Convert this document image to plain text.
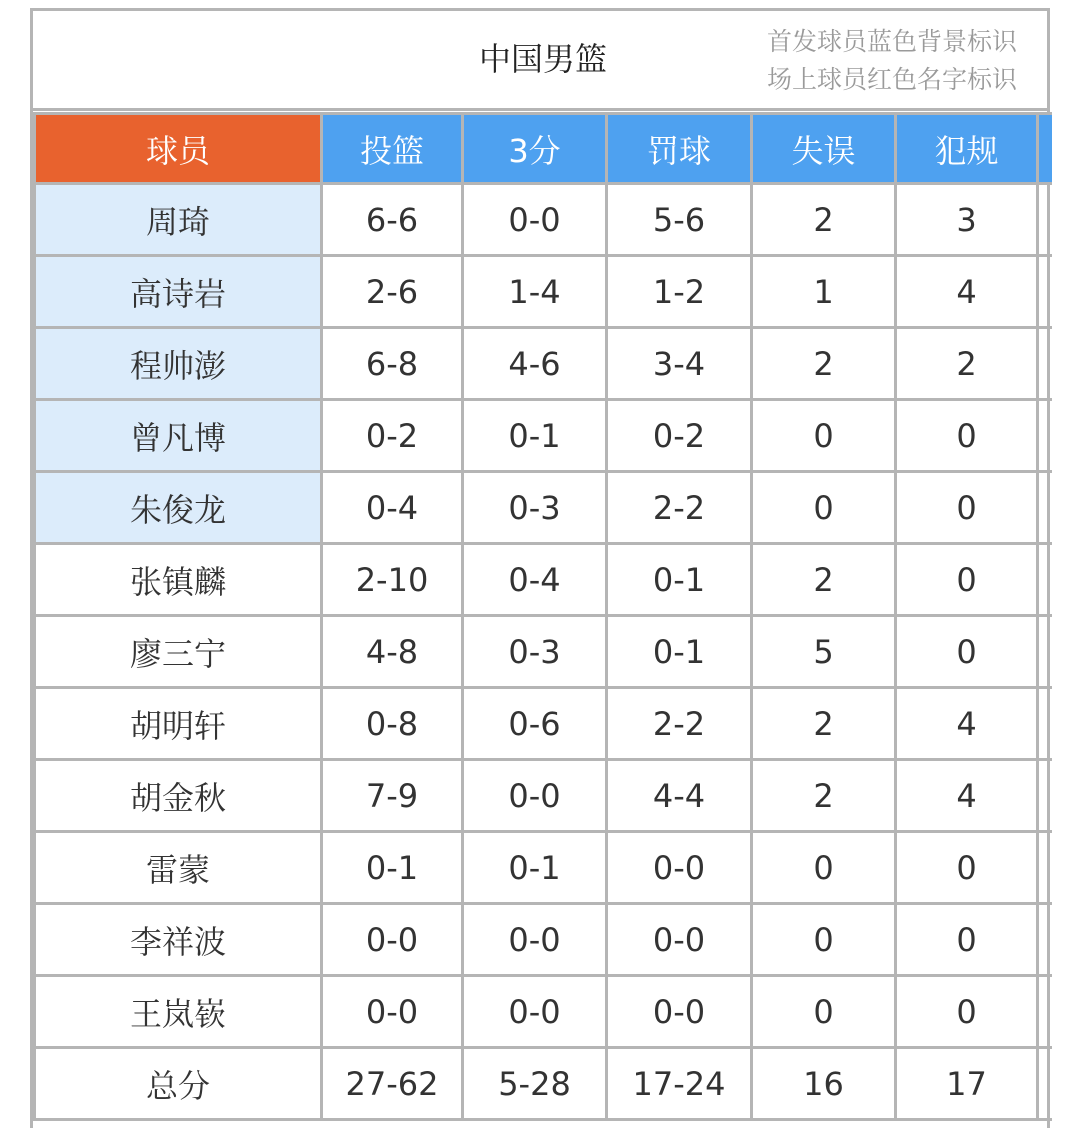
中国男篮	首发球员蓝色背景标识
场上球员红色名字标识
球员	投篮	3分	罚球	失误	犯规	
周琦	6-6	0-0	5-6	2	3	
高诗岩	2-6	1-4	1-2	1	4	
程帅澎	6-8	4-6	3-4	2	2	
曾凡博	0-2	0-1	0-2	0	0	
朱俊龙	0-4	0-3	2-2	0	0	
张镇麟	2-10	0-4	0-1	2	0	
廖三宁	4-8	0-3	0-1	5	0	
胡明轩	0-8	0-6	2-2	2	4	
胡金秋	7-9	0-0	4-4	2	4	
雷蒙	0-1	0-1	0-0	0	0	
李祥波	0-0	0-0	0-0	0	0	
王岚嵚	0-0	0-0	0-0	0	0	
总分	27-62	5-28	17-24	16	17	
